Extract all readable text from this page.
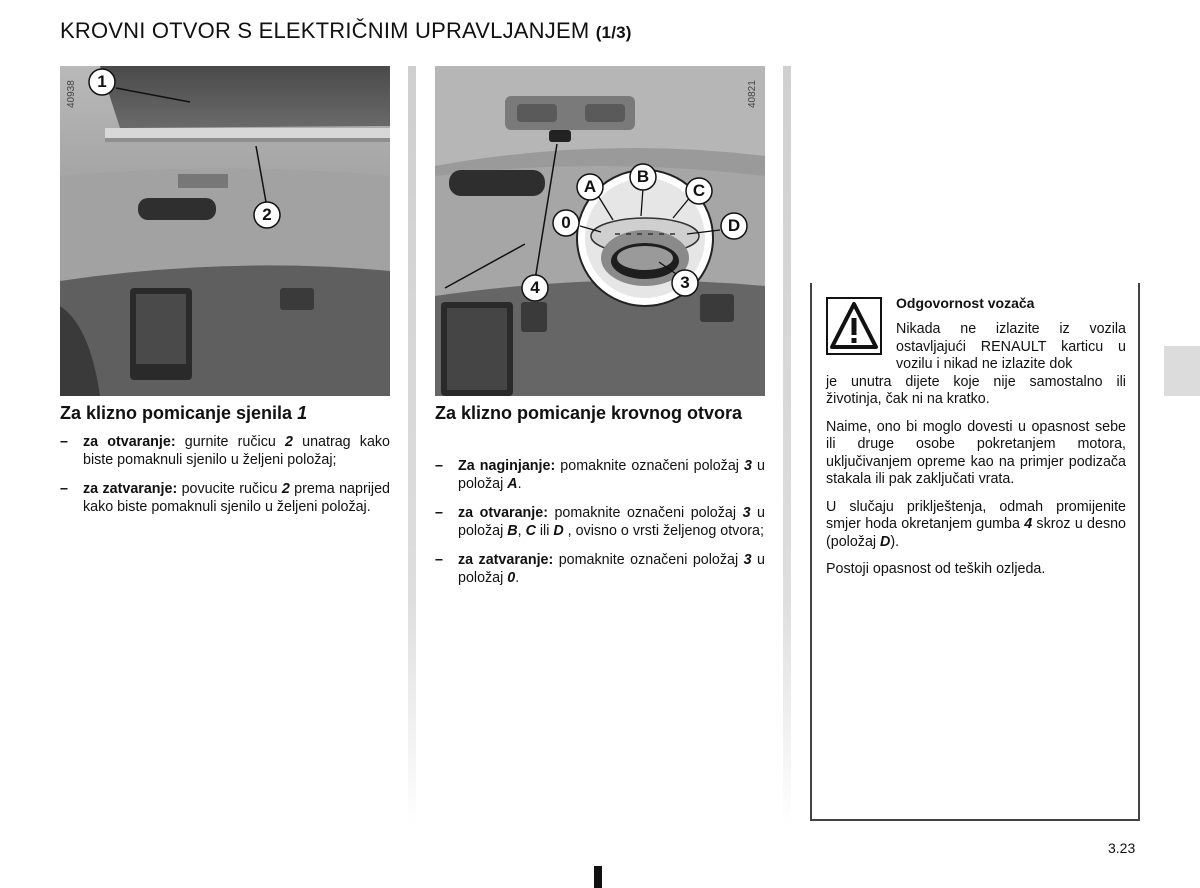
KROVNI OTVOR S ELEKTRIČNIM UPRAVLJANJEM (1/3)
1
2
40938
Za klizno pomicanje sjenila 1
– za otvaranje: gurnite ručicu 2 unatrag kako biste pomaknuli sjenilo u željeni položaj;
– za zatvaranje: povucite ručicu 2 prema naprijed kako biste pomaknuli sjenilo u željeni položaj.
A
B
C
0	D
3
4
40821
Za klizno pomicanje krovnog otvora
– Za naginjanje: pomaknite označeni položaj 3 u položaj A.
– za otvaranje: pomaknite označeni položaj 3 u položaj B, C ili D , ovisno o vrsti željenog otvora;
– za zatvaranje: pomaknite označeni položaj 3 u položaj 0.
Odgovornost vozača

Nikada ne izlazite iz vozila ostavljajući RENAULT karticu u vozilu i nikad ne izlazite dok

je unutra dijete koje nije samostalno ili životinja, čak ni na kratko.

Naime, ono bi moglo dovesti u opasnost sebe ili druge osobe pokretanjem motora, uključivanjem opreme kao na primjer podizača stakala ili pak zaključati vrata.

U slučaju priklještenja, odmah promijenite smjer hoda okretanjem gumba 4 skroz u desno (položaj D).

Postoji opasnost od teških ozljeda.

3.23
